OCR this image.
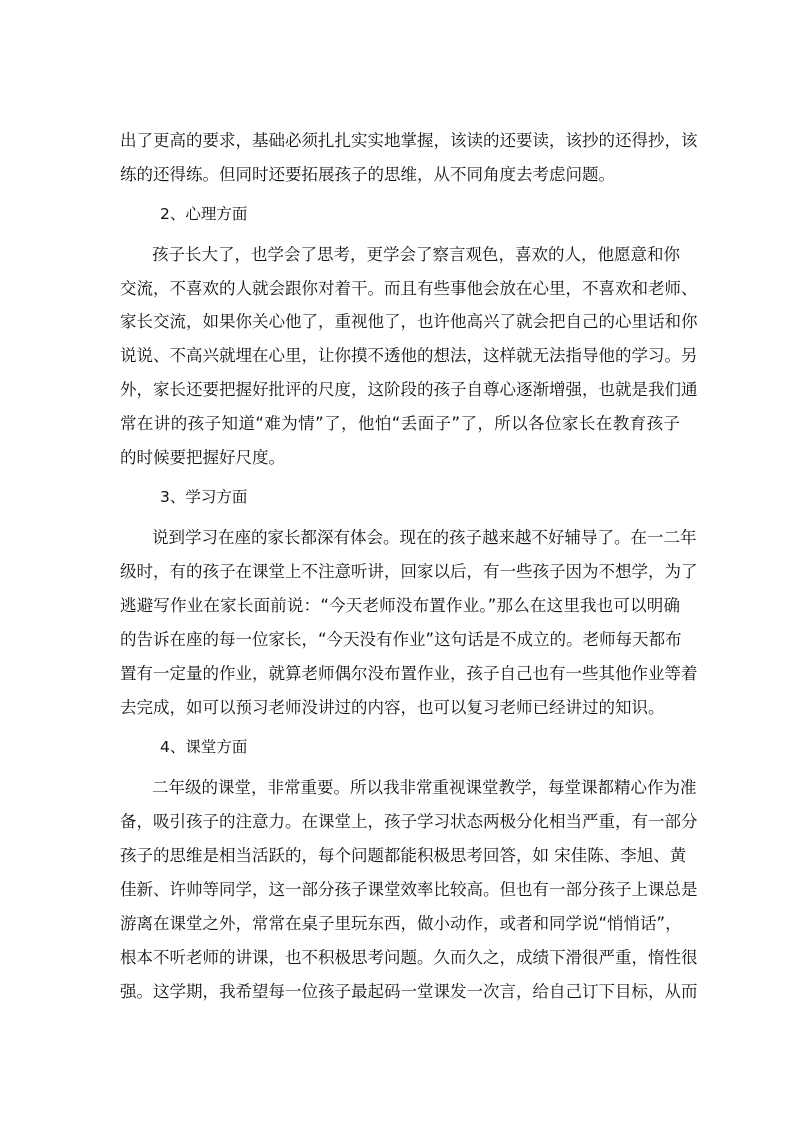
出了更高的要求，基础必须扎扎实实地掌握，该读的还要读，该抄的还得抄，该
练的还得练。但同时还要拓展孩子的思维，从不同角度去考虑问题。
2、心理方面
孩子长大了，也学会了思考，更学会了察言观色，喜欢的人，他愿意和你
交流，不喜欢的人就会跟你对着干。而且有些事他会放在心里，不喜欢和老师、
家长交流，如果你关心他了，重视他了，也许他高兴了就会把自己的心里话和你
说说、不高兴就埋在心里，让你摸不透他的想法，这样就无法指导他的学习。另
外，家长还要把握好批评的尺度，这阶段的孩子自尊心逐渐增强，也就是我们通
常在讲的孩子知道“难为情”了，他怕“丢面子”了，所以各位家长在教育孩子
的时候要把握好尺度。
3、学习方面
说到学习在座的家长都深有体会。现在的孩子越来越不好辅导了。在一二年
级时，有的孩子在课堂上不注意听讲，回家以后，有一些孩子因为不想学，为了
逃避写作业在家长面前说：“今天老师没布置作业。”那么在这里我也可以明确
的告诉在座的每一位家长，“今天没有作业”这句话是不成立的。老师每天都布
置有一定量的作业，就算老师偶尔没布置作业，孩子自己也有一些其他作业等着
去完成，如可以预习老师没讲过的内容，也可以复习老师已经讲过的知识。
4、课堂方面
二年级的课堂，非常重要。所以我非常重视课堂教学，每堂课都精心作为准
备，吸引孩子的注意力。在课堂上，孩子学习状态两极分化相当严重，有一部分
孩子的思维是相当活跃的，每个问题都能积极思考回答，如 宋佳陈、李旭、黄
佳新、许帅等同学，这一部分孩子课堂效率比较高。但也有一部分孩子上课总是
游离在课堂之外，常常在桌子里玩东西，做小动作，或者和同学说“悄悄话”，
根本不听老师的讲课，也不积极思考问题。久而久之，成绩下滑很严重，惰性很
强。这学期，我希望每一位孩子最起码一堂课发一次言，给自己订下目标，从而
